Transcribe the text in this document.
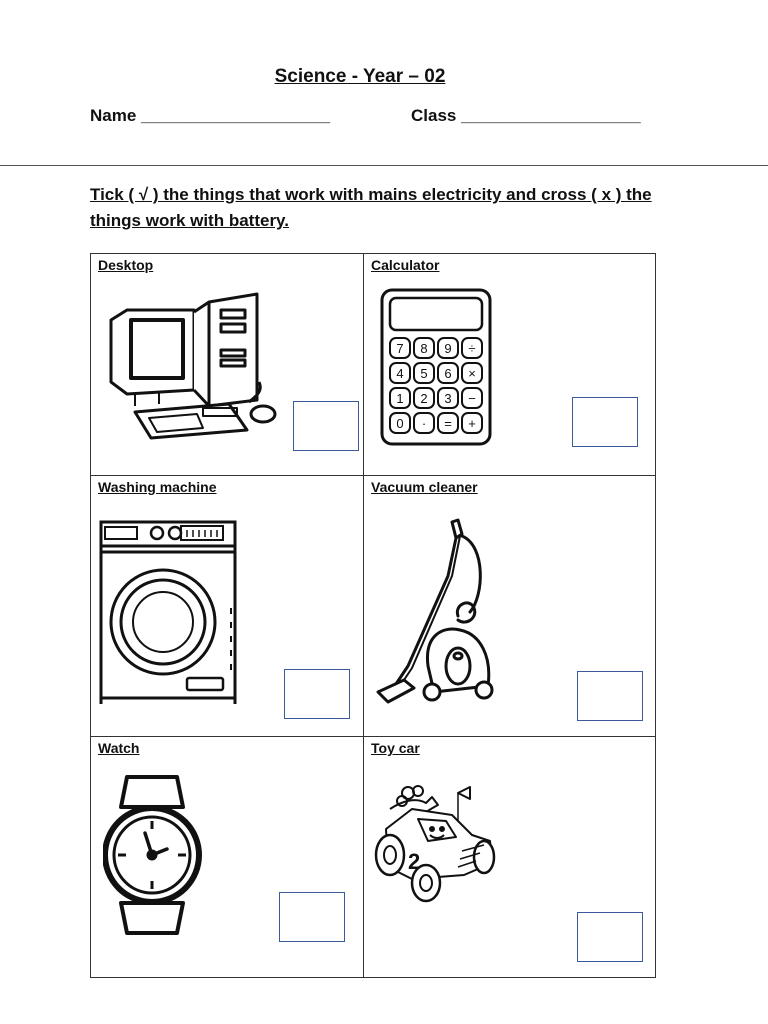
Science - Year – 02
Name ____________________	Class ___________________
Tick ( √ ) the things that work with mains electricity and cross ( x ) the things work with battery.
Desktop	Calculator
7 8 9 ÷
4 5 6 ×
1 2 3 −
0 · = +
Washing machine	Vacuum cleaner
Watch	Toy car
2
